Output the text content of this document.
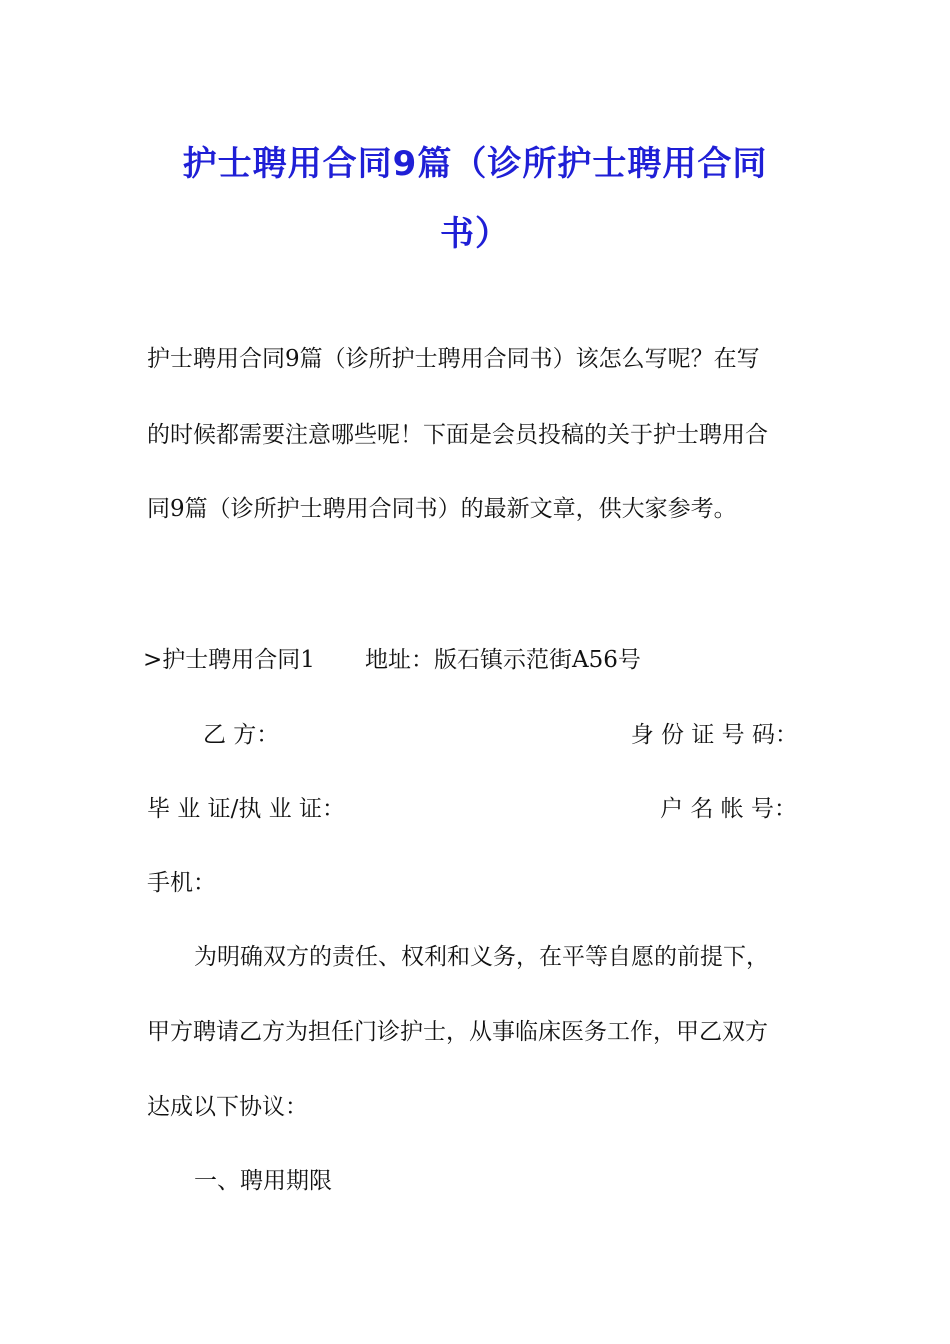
护士聘用合同9篇（诊所护士聘用合同
书）
护士聘用合同9篇（诊所护士聘用合同书）该怎么写呢？在写
的时候都需要注意哪些呢！下面是会员投稿的关于护士聘用合
同9篇（诊所护士聘用合同书）的最新文章，供大家参考。
>护士聘用合同1 地址：版石镇示范街A56号
乙 方：	身 份 证 号 码：
毕 业 证/执 业 证：	户 名 帐 号：
手机：
为明确双方的责任、权利和义务，在平等自愿的前提下，
甲方聘请乙方为担任门诊护士，从事临床医务工作，甲乙双方
达成以下协议：
一、聘用期限
